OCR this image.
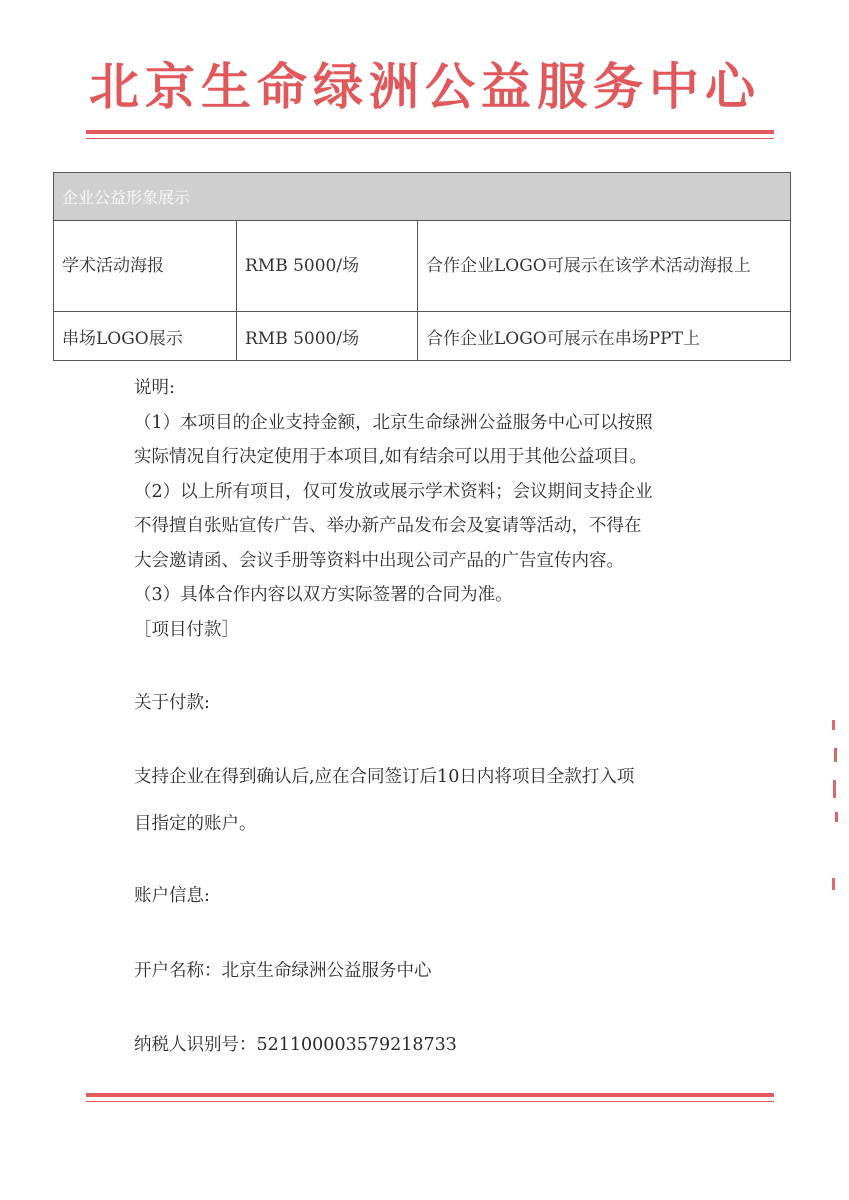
北京生命绿洲公益服务中心
企业公益形象展示		
学术活动海报	RMB 5000/场	合作企业LOGO可展示在该学术活动海报上
串场LOGO展示	RMB 5000/场	合作企业LOGO可展示在串场PPT上
说明:
（1）本项目的企业支持金额，北京生命绿洲公益服务中心可以按照
实际情况自行决定使用于本项目,如有结余可以用于其他公益项目。
（2）以上所有项目，仅可发放或展示学术资料；会议期间支持企业
不得擅自张贴宣传广告、举办新产品发布会及宴请等活动，不得在
大会邀请函、会议手册等资料中出现公司产品的广告宣传内容。
（3）具体合作内容以双方实际签署的合同为准。
［项目付款］
关于付款:
支持企业在得到确认后,应在合同签订后10日内将项目全款打入项
目指定的账户。
账户信息:
开户名称：北京生命绿洲公益服务中心
纳税人识别号：52110000357921873З
